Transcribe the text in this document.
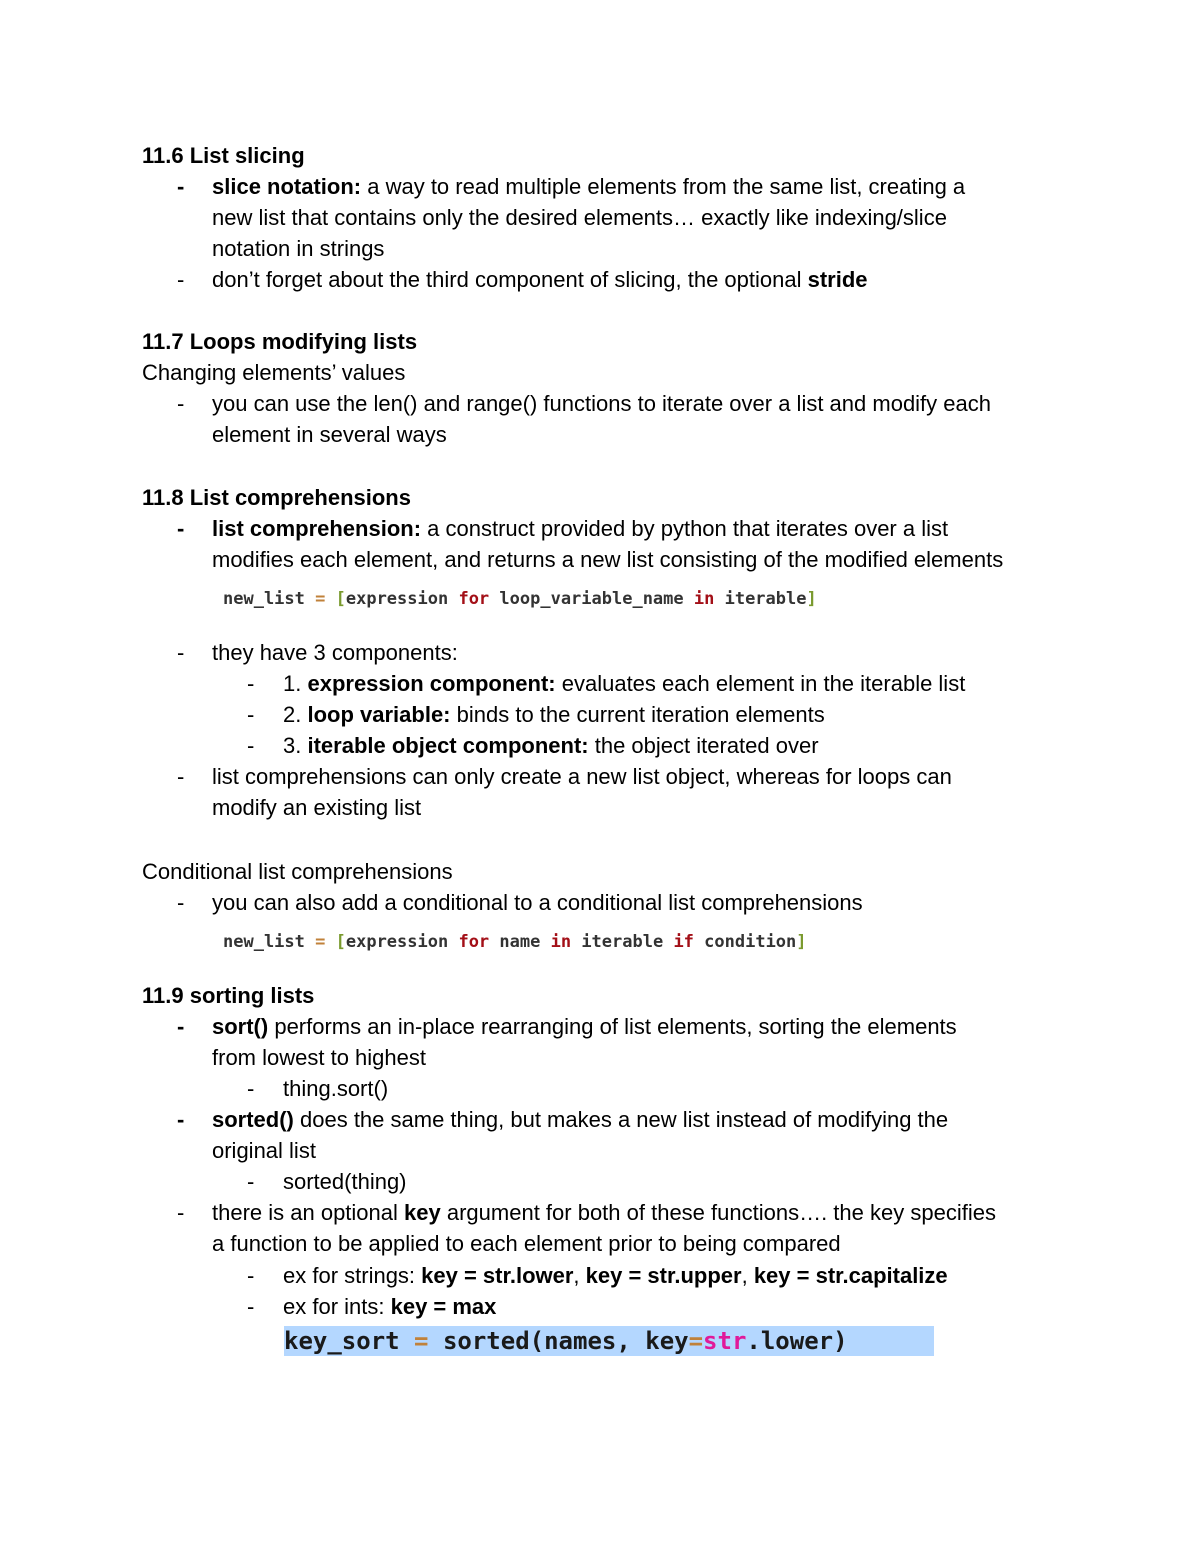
11.6 List slicing
- slice notation: a way to read multiple elements from the same list, creating a
new list that contains only the desired elements… exactly like indexing/slice
notation in strings
- don’t forget about the third component of slicing, the optional stride
11.7 Loops modifying lists
Changing elements’ values
- you can use the len() and range() functions to iterate over a list and modify each
element in several ways
11.8 List comprehensions
- list comprehension: a construct provided by python that iterates over a list
modifies each element, and returns a new list consisting of the modified elements
new_list = [expression for loop_variable_name in iterable]
- they have 3 components:
- 1. expression component: evaluates each element in the iterable list
- 2. loop variable: binds to the current iteration elements
- 3. iterable object component: the object iterated over
- list comprehensions can only create a new list object, whereas for loops can
modify an existing list
Conditional list comprehensions
- you can also add a conditional to a conditional list comprehensions
new_list = [expression for name in iterable if condition]
11.9 sorting lists
- sort() performs an in-place rearranging of list elements, sorting the elements
from lowest to highest
- thing.sort()
- sorted() does the same thing, but makes a new list instead of modifying the
original list
- sorted(thing)
- there is an optional key argument for both of these functions…. the key specifies
a function to be applied to each element prior to being compared
- ex for strings: key = str.lower, key = str.upper, key = str.capitalize
- ex for ints: key = max
key_sort = sorted(names, key=str.lower)
